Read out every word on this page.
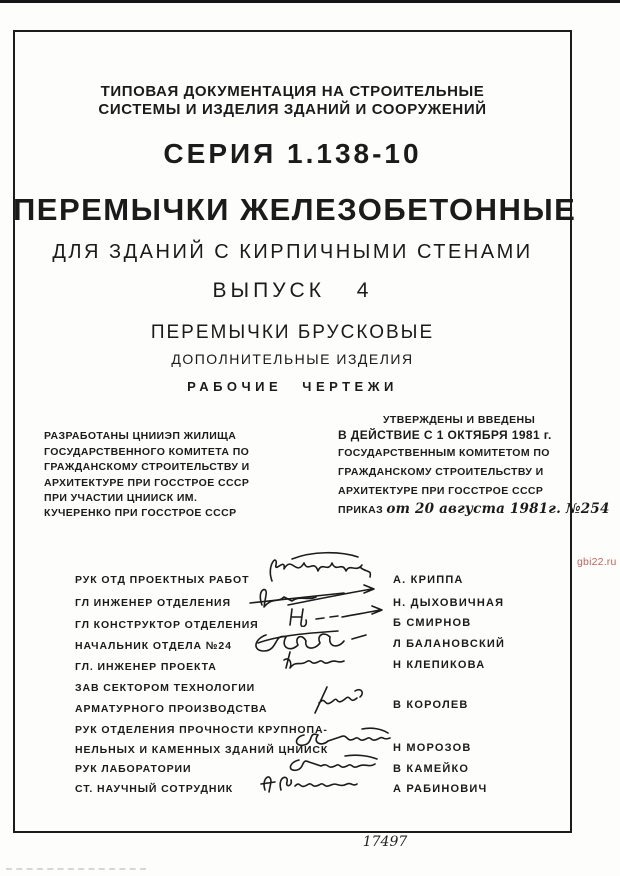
ТИПОВАЯ ДОКУМЕНТАЦИЯ НА СТРОИТЕЛЬНЫЕ
СИСТЕМЫ И ИЗДЕЛИЯ ЗДАНИЙ И СООРУЖЕНИЙ
СЕРИЯ 1.138-10
ПЕРЕМЫЧКИ ЖЕЛЕЗОБЕТОННЫЕ
ДЛЯ ЗДАНИЙ С КИРПИЧНЫМИ СТЕНАМИ
ВЫПУСК 4
ПЕРЕМЫЧКИ БРУСКОВЫЕ
ДОПОЛНИТЕЛЬНЫЕ ИЗДЕЛИЯ
РАБОЧИЕ ЧЕРТЕЖИ
РАЗРАБОТАНЫ ЦНИИЭП ЖИЛИЩА
ГОСУДАРСТВЕННОГО КОМИТЕТА ПО
ГРАЖДАНСКОМУ СТРОИТЕЛЬСТВУ И
АРХИТЕКТУРЕ ПРИ ГОССТРОЕ СССР
ПРИ УЧАСТИИ ЦНИИСК ИМ.
КУЧЕРЕНКО ПРИ ГОССТРОЕ СССР
УТВЕРЖДЕНЫ И ВВЕДЕНЫ
В ДЕЙСТВИЕ С 1 ОКТЯБРЯ 1981 г.
ГОСУДАРСТВЕННЫМ КОМИТЕТОМ ПО
ГРАЖДАНСКОМУ СТРОИТЕЛЬСТВУ И
АРХИТЕКТУРЕ ПРИ ГОССТРОЕ СССР
ПРИКАЗ от 20 августа 1981г. №254
РУК ОТД ПРОЕКТНЫХ РАБОТ
ГЛ ИНЖЕНЕР ОТДЕЛЕНИЯ
ГЛ КОНСТРУКТОР ОТДЕЛЕНИЯ
НАЧАЛЬНИК ОТДЕЛА №24
ГЛ. ИНЖЕНЕР ПРОЕКТА
ЗАВ СЕКТОРОМ ТЕХНОЛОГИИ
АРМАТУРНОГО ПРОИЗВОДСТВА
РУК ОТДЕЛЕНИЯ ПРОЧНОСТИ КРУПНОПА-
НЕЛЬНЫХ И КАМЕННЫХ ЗДАНИЙ ЦНИИСК
РУК ЛАБОРАТОРИИ
СТ. НАУЧНЫЙ СОТРУДНИК
А. КРИППА
Н. ДЫХОВИЧНАЯ
Б СМИРНОВ
Л БАЛАНОВСКИЙ
Н КЛЕПИКОВА
В КОРОЛЕВ
Н МОРОЗОВ
В КАМЕЙКО
А РАБИНОВИЧ
17497
gbi22.ru
